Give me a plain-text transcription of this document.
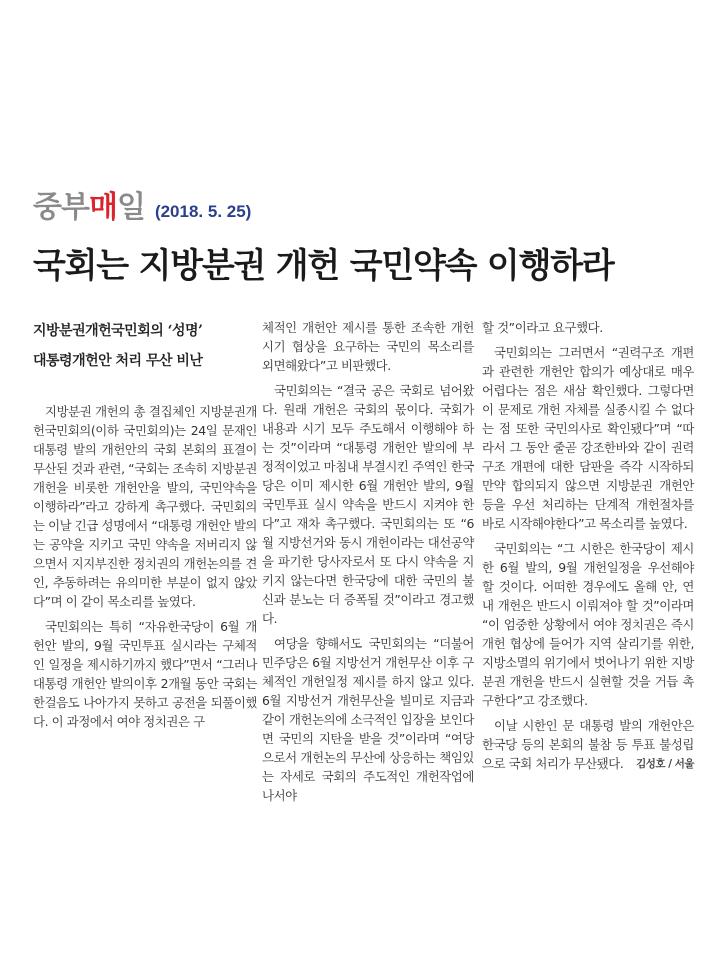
중부매일 (2018. 5. 25)
국회는 지방분권 개헌 국민약속 이행하라
지방분권개헌국민회의 ‘성명’
대통령개헌안 처리 무산 비난

지방분권 개헌의 총 결집체인 지방분권개헌국민회의(이하 국민회의)는 24일 문재인 대통령 발의 개헌안의 국회 본회의 표결이 무산된 것과 관련, “국회는 조속히 지방분권 개헌을 비롯한 개헌안을 발의, 국민약속을 이행하라”라고 강하게 촉구했다. 국민회의는 이날 긴급 성명에서 “대통령 개헌안 발의는 공약을 지키고 국민 약속을 저버리지 않으면서 지지부진한 정치권의 개헌논의를 견인, 추동하려는 유의미한 부분이 없지 않았다”며 이 같이 목소리를 높였다.

국민회의는 특히 “자유한국당이 6월 개헌안 발의, 9월 국민투표 실시라는 구체적인 일정을 제시하기까지 했다”면서 “그러나 대통령 개헌안 발의이후 2개월 동안 국회는 한걸음도 나아가지 못하고 공전을 되풀이했다. 이 과정에서 여야 정치권은 구

체적인 개헌안 제시를 통한 조속한 개헌시기 협상을 요구하는 국민의 목소리를 외면해왔다”고 비판했다.

국민회의는 “결국 공은 국회로 넘어왔다. 원래 개헌은 국회의 몫이다. 국회가 내용과 시기 모두 주도해서 이행해야 하는 것”이라며 “대통령 개헌안 발의에 부정적이었고 마침내 부결시킨 주역인 한국당은 이미 제시한 6월 개헌안 발의, 9월 국민투표 실시 약속을 반드시 지켜야 한다”고 재차 촉구했다. 국민회의는 또 “6월 지방선거와 동시 개헌이라는 대선공약을 파기한 당사자로서 또 다시 약속을 지키지 않는다면 한국당에 대한 국민의 불신과 분노는 더 증폭될 것”이라고 경고했다.

여당을 향해서도 국민회의는 “더불어민주당은 6월 지방선거 개헌무산 이후 구체적인 개헌일정 제시를 하지 않고 있다. 6월 지방선거 개헌무산을 빌미로 지금과 같이 개헌논의에 소극적인 입장을 보인다면 국민의 지탄을 받을 것”이라며 “여당으로서 개헌논의 무산에 상응하는 책임있는 자세로 국회의 주도적인 개헌작업에 나서야

할 것”이라고 요구했다.

국민회의는 그러면서 “권력구조 개편과 관련한 개헌안 합의가 예상대로 매우 어렵다는 점은 새삼 확인했다. 그렇다면 이 문제로 개헌 자체를 실종시킬 수 없다는 점 또한 국민의사로 확인됐다”며 “따라서 그 동안 줄곧 강조한바와 같이 권력구조 개편에 대한 담판을 즉각 시작하되 만약 합의되지 않으면 지방분권 개헌안 등을 우선 처리하는 단계적 개헌절차를 바로 시작해야한다”고 목소리를 높였다.

국민회의는 “그 시한은 한국당이 제시한 6월 발의, 9월 개헌일정을 우선해야 할 것이다. 어떠한 경우에도 올해 안, 연내 개헌은 반드시 이뤄져야 할 것”이라며 “이 엄중한 상황에서 여야 정치권은 즉시 개헌 협상에 들어가 지역 살리기를 위한, 지방소멸의 위기에서 벗어나기 위한 지방분권 개헌을 반드시 실현할 것을 거듭 촉구한다”고 강조했다.

이날 시한인 문 대통령 발의 개헌안은 한국당 등의 본회의 불참 등 투표 불성립으로 국회 처리가 무산됐다.	김성호 / 서울
